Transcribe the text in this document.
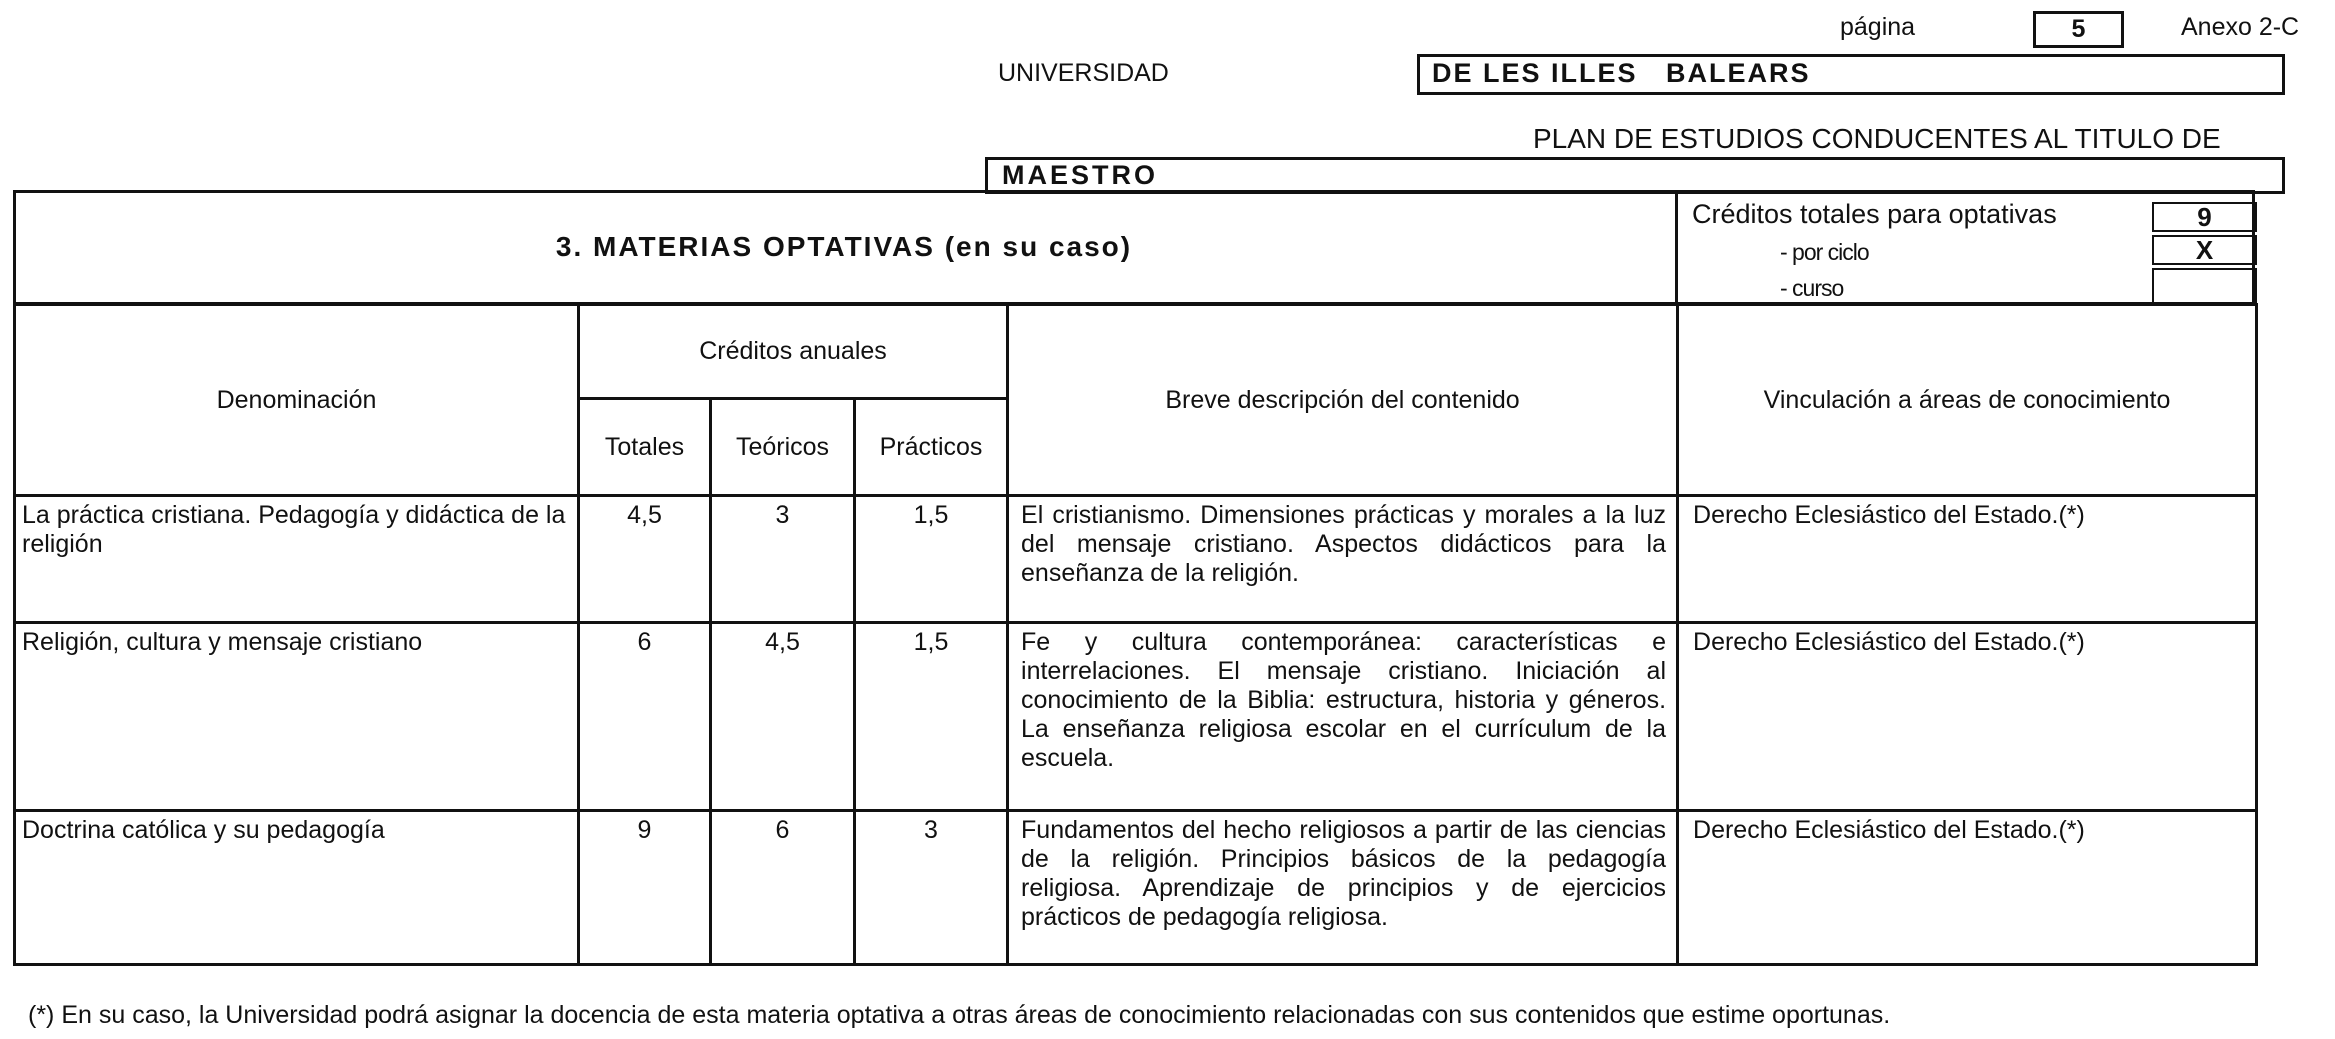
página	5	Anexo 2-C
UNIVERSIDAD	DE LES ILLES   BALEARS
PLAN DE ESTUDIOS CONDUCENTES AL TITULO DE
MAESTRO
3. MATERIAS OPTATIVAS (en su caso)
Créditos totales para optativas	9
- por ciclo	X
- curso
Denominación	Créditos anuales			Breve descripción del contenido	Vinculación a áreas de conocimiento
	Totales	Teóricos	Prácticos		
La práctica cristiana. Pedagogía y didáctica de la religión	4,5	3	1,5	El cristianismo. Dimensiones prácticas y morales a la luz del mensaje cristiano. Aspectos didácticos para la enseñanza de la religión.	Derecho Eclesiástico del Estado.(*)
Religión, cultura y mensaje cristiano	6	4,5	1,5	Fe y cultura contemporánea: características e interrelaciones. El mensaje cristiano. Iniciación al conocimiento de la Biblia: estructura, historia y géneros. La enseñanza religiosa escolar en el currículum de la escuela.	Derecho Eclesiástico del Estado.(*)
Doctrina católica y su pedagogía	9	6	3	Fundamentos del hecho religiosos a partir de las ciencias de la religión. Principios básicos de la pedagogía religiosa. Aprendizaje de principios y de ejercicios prácticos de pedagogía religiosa.	Derecho Eclesiástico del Estado.(*)
(*) En su caso, la Universidad podrá asignar la docencia de esta materia optativa a otras áreas de conocimiento relacionadas con sus contenidos que estime oportunas.
